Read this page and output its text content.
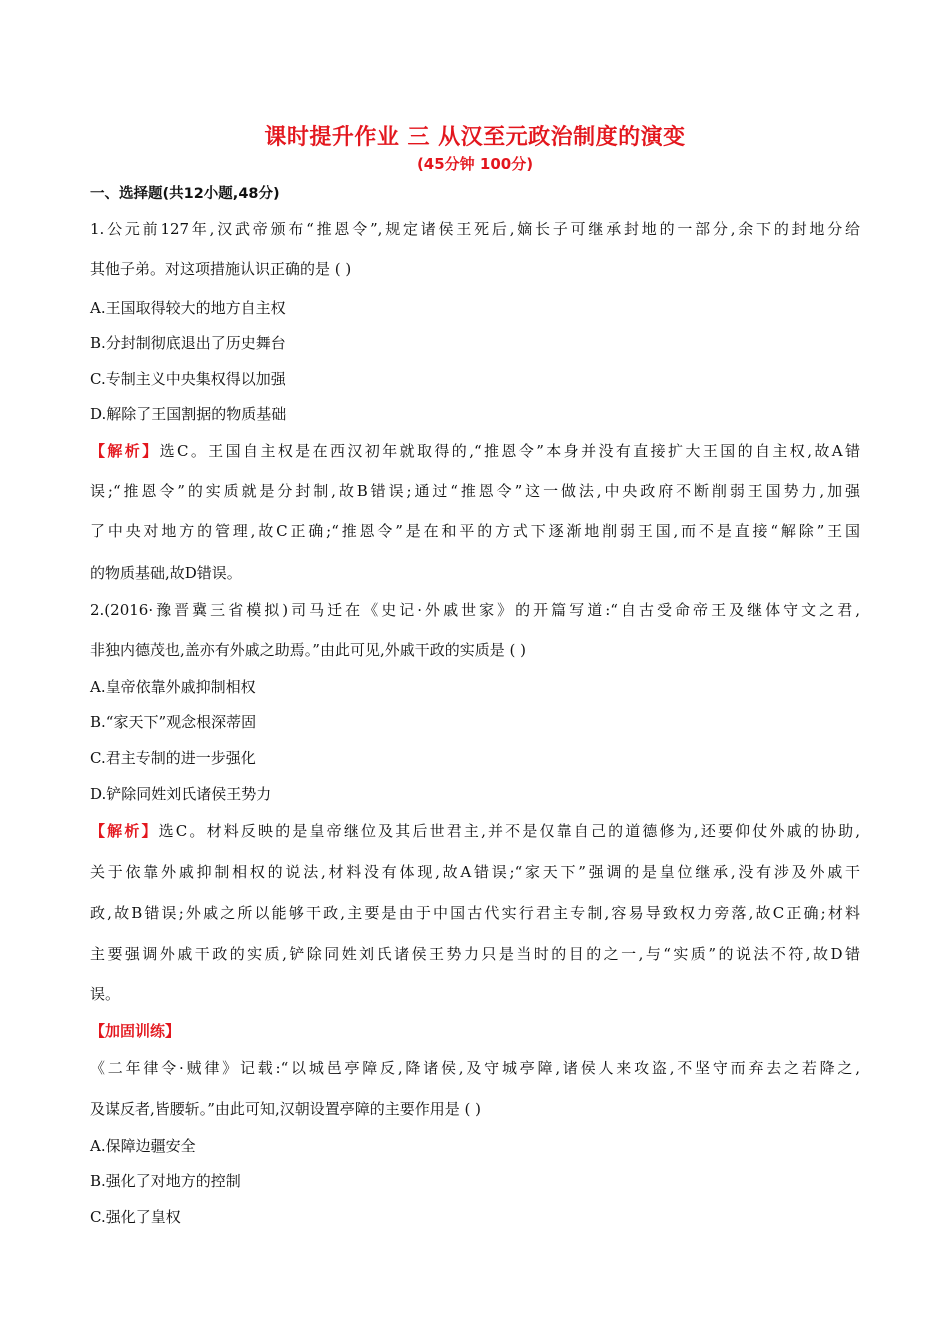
课时提升作业 三 从汉至元政治制度的演变
(45分钟 100分)
一、选择题(共12小题,48分)
1.公元前127年,汉武帝颁布“推恩令”,规定诸侯王死后,嫡长子可继承封地的一部分,余下的封地分给
其他子弟。对这项措施认识正确的是 ( )
A.王国取得较大的地方自主权
B.分封制彻底退出了历史舞台
C.专制主义中央集权得以加强
D.解除了王国割据的物质基础
【解析】选C。王国自主权是在西汉初年就取得的,“推恩令”本身并没有直接扩大王国的自主权,故A错
误;“推恩令”的实质就是分封制,故B错误;通过“推恩令”这一做法,中央政府不断削弱王国势力,加强
了中央对地方的管理,故C正确;“推恩令”是在和平的方式下逐渐地削弱王国,而不是直接“解除”王国
的物质基础,故D错误。
2.(2016·豫晋冀三省模拟)司马迁在《史记·外戚世家》的开篇写道:“自古受命帝王及继体守文之君,
非独内德茂也,盖亦有外戚之助焉。”由此可见,外戚干政的实质是 ( )
A.皇帝依靠外戚抑制相权
B.“家天下”观念根深蒂固
C.君主专制的进一步强化
D.铲除同姓刘氏诸侯王势力
【解析】选C。材料反映的是皇帝继位及其后世君主,并不是仅靠自己的道德修为,还要仰仗外戚的协助,
关于依靠外戚抑制相权的说法,材料没有体现,故A错误;“家天下”强调的是皇位继承,没有涉及外戚干
政,故B错误;外戚之所以能够干政,主要是由于中国古代实行君主专制,容易导致权力旁落,故C正确;材料
主要强调外戚干政的实质,铲除同姓刘氏诸侯王势力只是当时的目的之一,与“实质”的说法不符,故D错
误。
【加固训练】
《二年律令·贼律》记载:“以城邑亭障反,降诸侯,及守城亭障,诸侯人来攻盗,不坚守而弃去之若降之,
及谋反者,皆腰斩。”由此可知,汉朝设置亭障的主要作用是 ( )
A.保障边疆安全
B.强化了对地方的控制
C.强化了皇权
